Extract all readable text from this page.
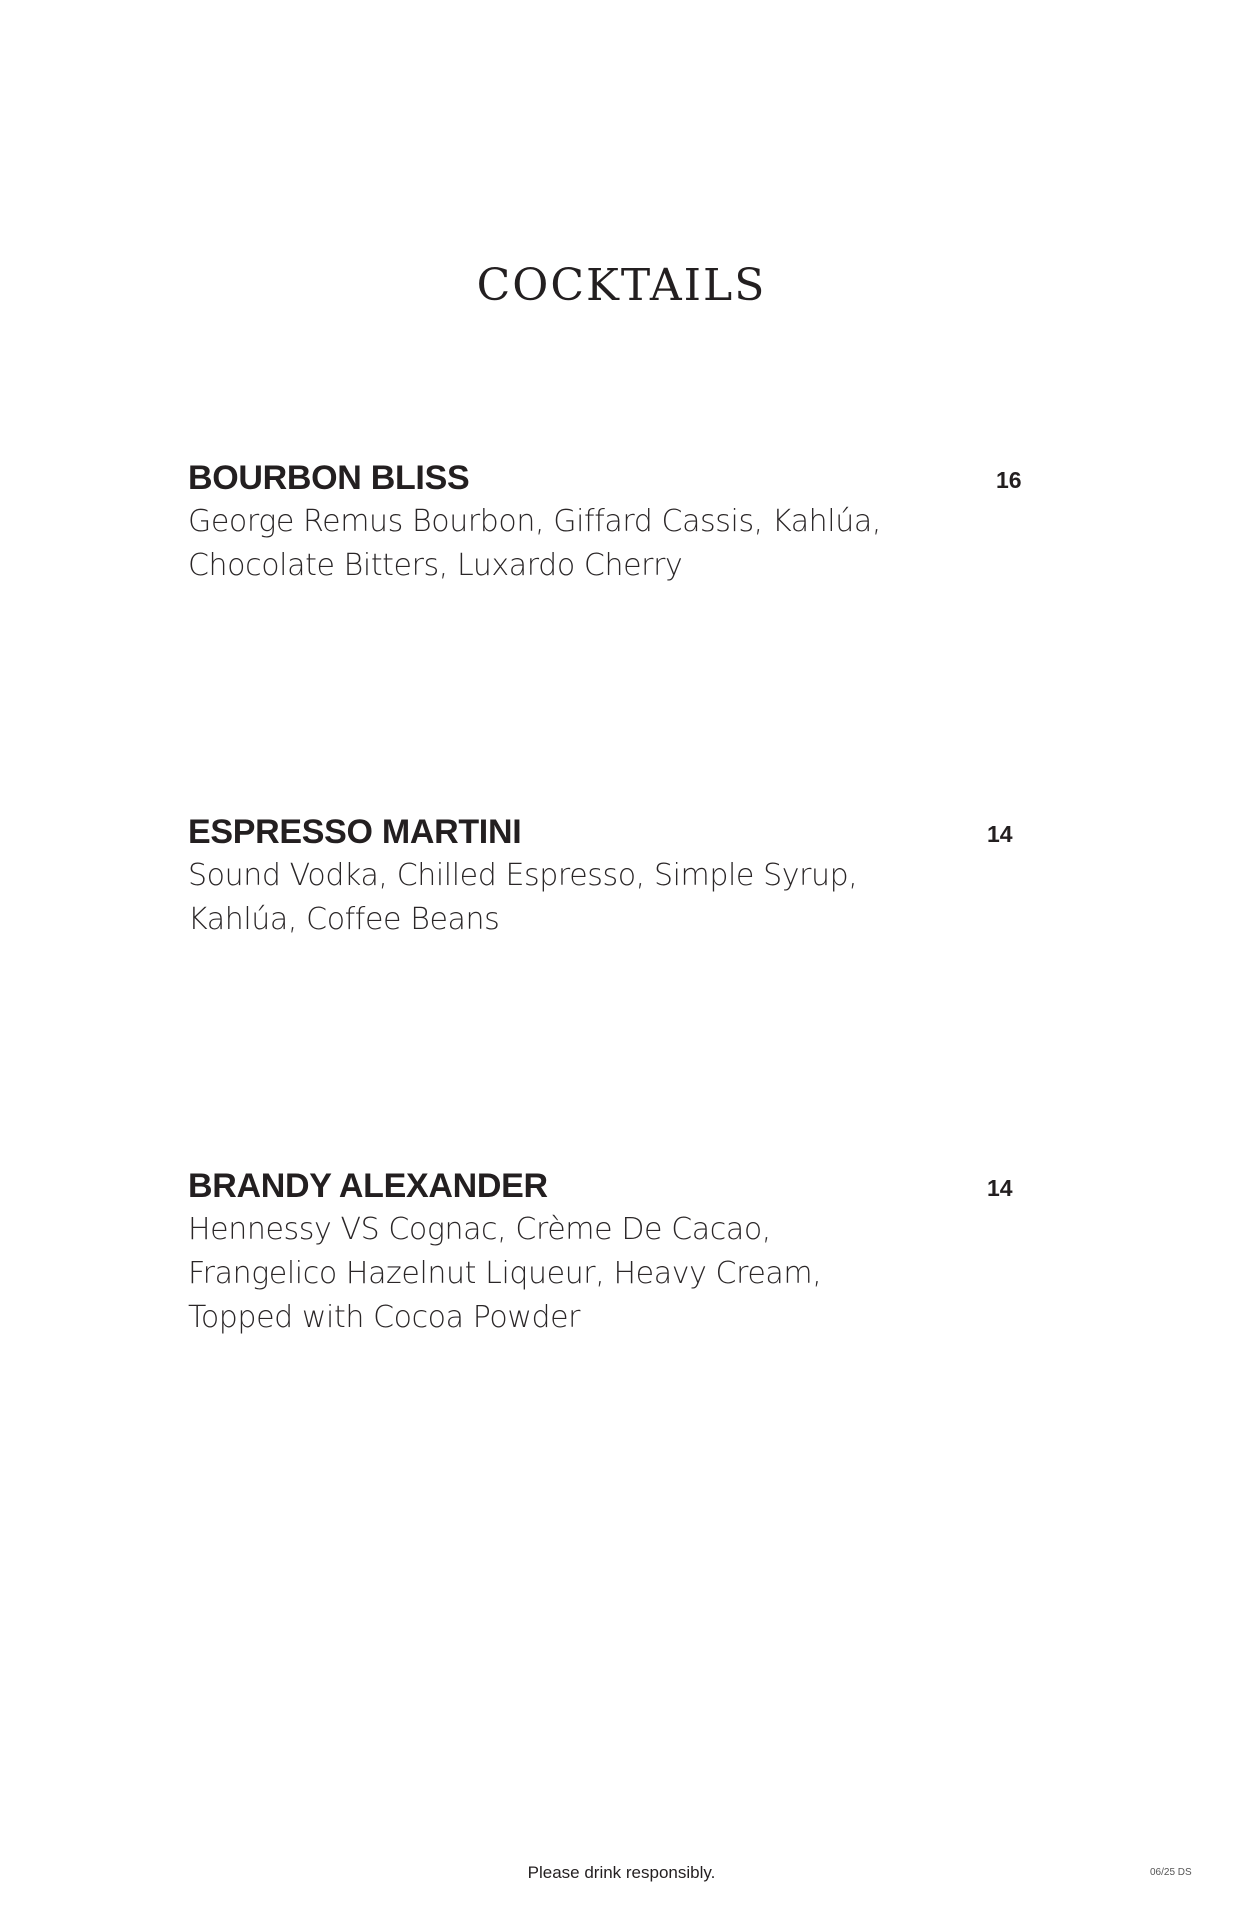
COCKTAILS
BOURBON BLISS	16

George Remus Bourbon, Giffard Cassis, Kahlúa,
Chocolate Bitters, Luxardo Cherry

ESPRESSO MARTINI	14

Sound Vodka, Chilled Espresso, Simple Syrup,
Kahlúa, Coffee Beans

BRANDY ALEXANDER	14

Hennessy VS Cognac, Crème De Cacao,
Frangelico Hazelnut Liqueur, Heavy Cream,
Topped with Cocoa Powder

Please drink responsibly.	06/25 DS
